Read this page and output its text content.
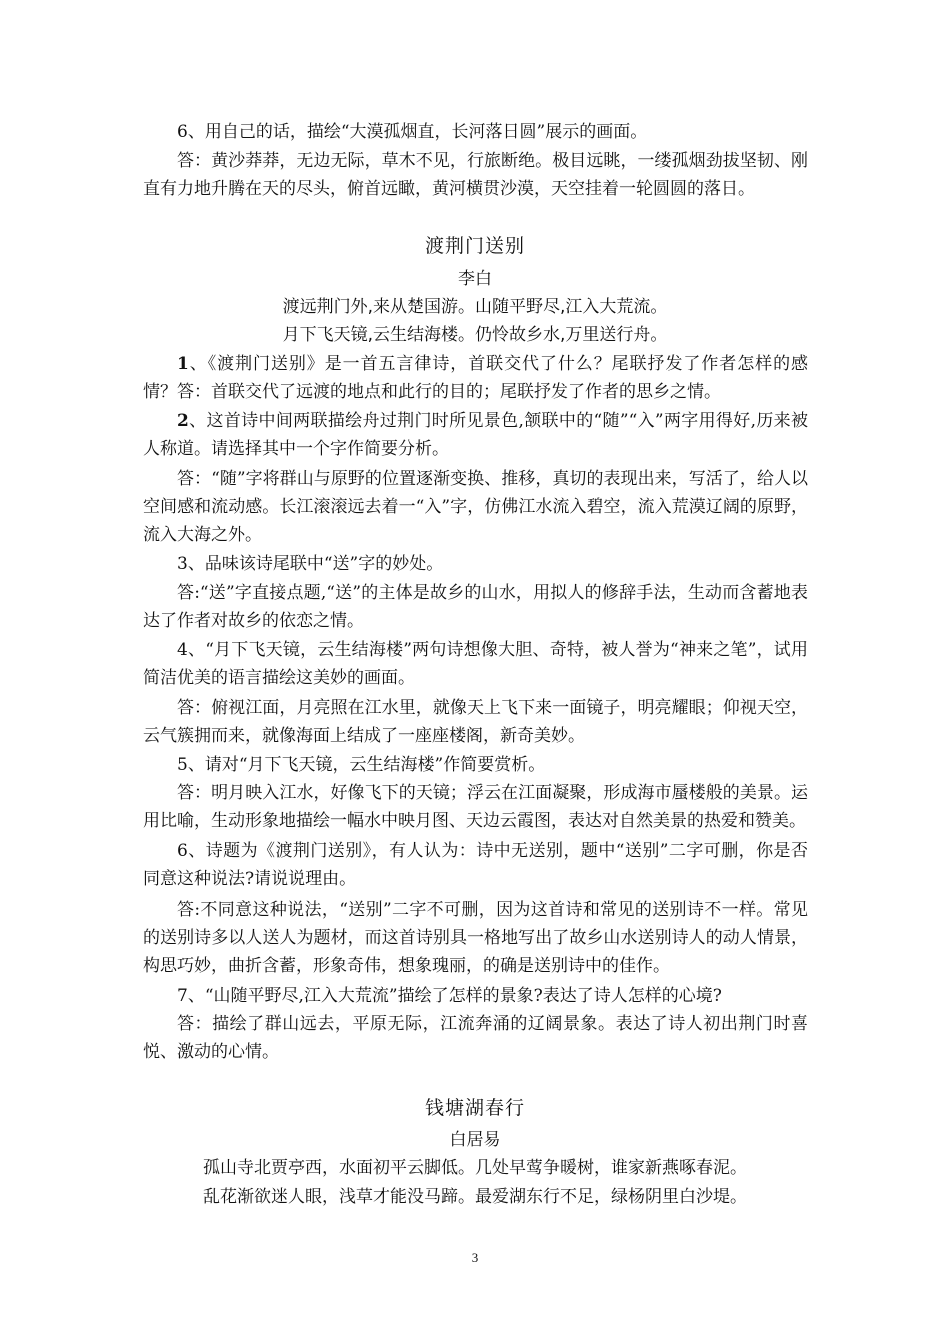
6、用自己的话，描绘“大漠孤烟直，长河落日圆”展示的画面。

答：黄沙莽莽，无边无际，草木不见，行旅断绝。极目远眺，一缕孤烟劲拔坚韧、刚直有力地升腾在天的尽头，俯首远瞰，黄河横贯沙漠，天空挂着一轮圆圆的落日。

渡荆门送别

李白

渡远荆门外,来从楚国游。山随平野尽,江入大荒流。

月下飞天镜,云生结海楼。仍怜故乡水,万里送行舟。

1、《渡荆门送别》是一首五言律诗，首联交代了什么？尾联抒发了作者怎样的感情？ 答：首联交代了远渡的地点和此行的目的；尾联抒发了作者的思乡之情。

2、这首诗中间两联描绘舟过荆门时所见景色,颔联中的“随”“入”两字用得好,历来被人称道。请选择其中一个字作简要分析。

答：“随”字将群山与原野的位置逐渐变换、推移，真切的表现出来，写活了，给人以空间感和流动感。长江滚滚远去着一“入”字，仿佛江水流入碧空，流入荒漠辽阔的原野，流入大海之外。

3、品味该诗尾联中“送”字的妙处。

答:“送”字直接点题,“送”的主体是故乡的山水，用拟人的修辞手法，生动而含蓄地表达了作者对故乡的依恋之情。

4、“月下飞天镜，云生结海楼”两句诗想像大胆、奇特，被人誉为“神来之笔”，试用简洁优美的语言描绘这美妙的画面。

答：俯视江面，月亮照在江水里，就像天上飞下来一面镜子，明亮耀眼；仰视天空，云气簇拥而来，就像海面上结成了一座座楼阁，新奇美妙。

5、请对“月下飞天镜，云生结海楼”作简要赏析。

答：明月映入江水，好像飞下的天镜；浮云在江面凝聚，形成海市蜃楼般的美景。运用比喻，生动形象地描绘一幅水中映月图、天边云霞图，表达对自然美景的热爱和赞美。

6、诗题为《渡荆门送别》，有人认为：诗中无送别，题中“送别”二字可删，你是否同意这种说法?请说说理由。

答:不同意这种说法，“送别”二字不可删，因为这首诗和常见的送别诗不一样。常见的送别诗多以人送人为题材，而这首诗别具一格地写出了故乡山水送别诗人的动人情景，构思巧妙，曲折含蓄，形象奇伟，想象瑰丽，的确是送别诗中的佳作。

7、“山随平野尽,江入大荒流”描绘了怎样的景象?表达了诗人怎样的心境?

答：描绘了群山远去，平原无际，江流奔涌的辽阔景象。表达了诗人初出荆门时喜悦、激动的心情。

钱塘湖春行

白居易

孤山寺北贾亭西，水面初平云脚低。几处早莺争暖树，谁家新燕啄春泥。

乱花渐欲迷人眼，浅草才能没马蹄。最爱湖东行不足，绿杨阴里白沙堤。

3
